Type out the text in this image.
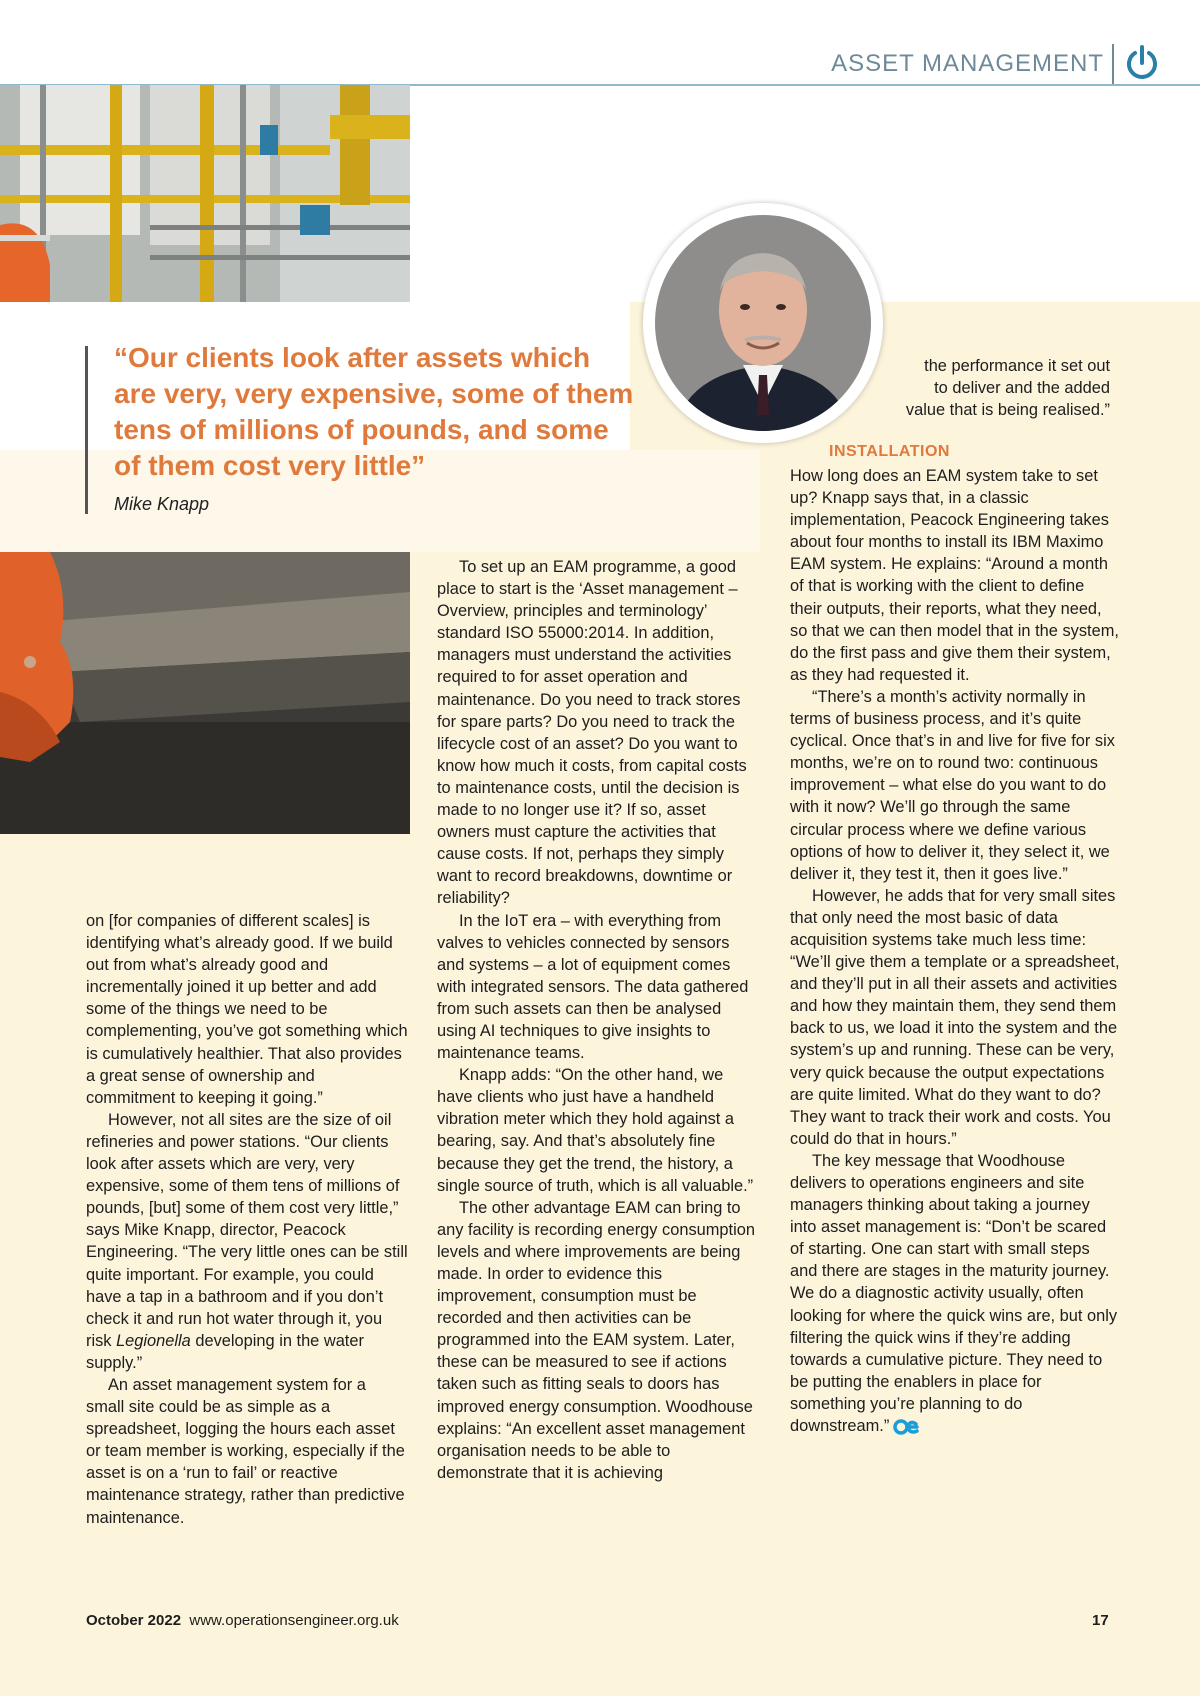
ASSET MANAGEMENT

“Our clients look after assets which are very, very expensive, some of them tens of millions of pounds, and some of them cost very little”

Mike Knapp
the performance it set out
to deliver and the added
value that is being realised.”
INSTALLATION

on [for companies of different scales] is identifying what’s already good. If we build out from what’s already good and incrementally joined it up better and add some of the things we need to be complementing, you’ve got something which is cumulatively healthier. That also provides a great sense of ownership and commitment to keeping it going.”

However, not all sites are the size of oil refineries and power stations. “Our clients look after assets which are very, very expensive, some of them tens of millions of pounds, [but] some of them cost very little,” says Mike Knapp, director, Peacock Engineering. “The very little ones can be still quite important. For example, you could have a tap in a bathroom and if you don’t check it and run hot water through it, you risk Legionella developing in the water supply.”

An asset management system for a small site could be as simple as a spreadsheet, logging the hours each asset or team member is working, especially if the asset is on a ‘run to fail’ or reactive maintenance strategy, rather than predictive maintenance.

To set up an EAM programme, a good place to start is the ‘Asset management – Overview, principles and terminology’ standard ISO 55000:2014. In addition, managers must understand the activities required to for asset operation and maintenance. Do you need to track stores for spare parts? Do you need to track the lifecycle cost of an asset? Do you want to know how much it costs, from capital costs to maintenance costs, until the decision is made to no longer use it? If so, asset owners must capture the activities that cause costs. If not, perhaps they simply want to record breakdowns, downtime or reliability?

In the IoT era – with everything from valves to vehicles connected by sensors and systems – a lot of equipment comes with integrated sensors. The data gathered from such assets can then be analysed using AI techniques to give insights to maintenance teams.

Knapp adds: “On the other hand, we have clients who just have a handheld vibration meter which they hold against a bearing, say. And that’s absolutely fine because they get the trend, the history, a single source of truth, which is all valuable.”

The other advantage EAM can bring to any facility is recording energy consumption levels and where improvements are being made. In order to evidence this improvement, consumption must be recorded and then activities can be programmed into the EAM system. Later, these can be measured to see if actions taken such as fitting seals to doors has improved energy consumption. Woodhouse explains: “An excellent asset management organisation needs to be able to demonstrate that it is achieving

How long does an EAM system take to set up? Knapp says that, in a classic implementation, Peacock Engineering takes about four months to install its IBM Maximo EAM system. He explains: “Around a month of that is working with the client to define their outputs, their reports, what they need, so that we can then model that in the system, do the first pass and give them their system, as they had requested it.

“There’s a month’s activity normally in terms of business process, and it’s quite cyclical. Once that’s in and live for five for six months, we’re on to round two: continuous improvement – what else do you want to do with it now? We’ll go through the same circular process where we define various options of how to deliver it, they select it, we deliver it, they test it, then it goes live.”

However, he adds that for very small sites that only need the most basic of data acquisition systems take much less time: “We’ll give them a template or a spreadsheet, and they’ll put in all their assets and activities and how they maintain them, they send them back to us, we load it into the system and the system’s up and running. These can be very, very quick because the output expectations are quite limited. What do they want to do? They want to track their work and costs. You could do that in hours.”

The key message that Woodhouse delivers to operations engineers and site managers thinking about taking a journey into asset management is: “Don’t be scared of starting. One can start with small steps and there are stages in the maturity journey. We do a diagnostic activity usually, often looking for where the quick wins are, but only filtering the quick wins if they’re adding towards a cumulative picture. They need to be putting the enablers in place for something you’re planning to do downstream.”

October 2022 www.operationsengineer.org.uk	17
